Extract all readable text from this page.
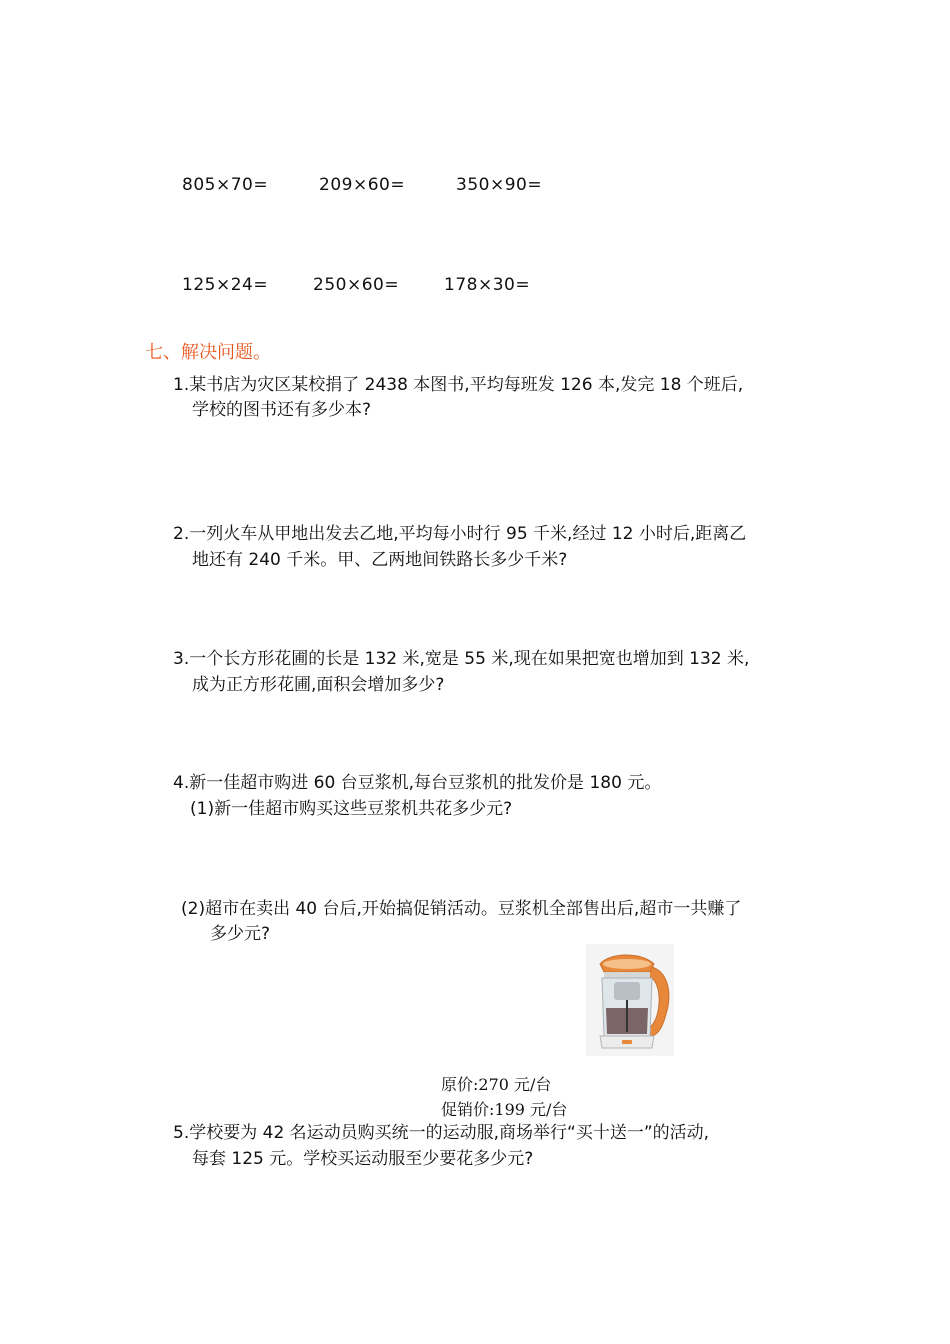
805×70=	209×60=	350×90=
125×24=	250×60=	178×30=
七、解决问题。
1.某书店为灾区某校捐了 2438 本图书,平均每班发 126 本,发完 18 个班后,
学校的图书还有多少本?
2.一列火车从甲地出发去乙地,平均每小时行 95 千米,经过 12 小时后,距离乙
地还有 240 千米。甲、乙两地间铁路长多少千米?
3.一个长方形花圃的长是 132 米,宽是 55 米,现在如果把宽也增加到 132 米,
成为正方形花圃,面积会增加多少?
4.新一佳超市购进 60 台豆浆机,每台豆浆机的批发价是 180 元。
(1)新一佳超市购买这些豆浆机共花多少元?
(2)超市在卖出 40 台后,开始搞促销活动。豆浆机全部售出后,超市一共赚了
多少元?
原价:270 元/台
促销价:199 元/台
5.学校要为 42 名运动员购买统一的运动服,商场举行“买十送一”的活动,
每套 125 元。学校买运动服至少要花多少元?
